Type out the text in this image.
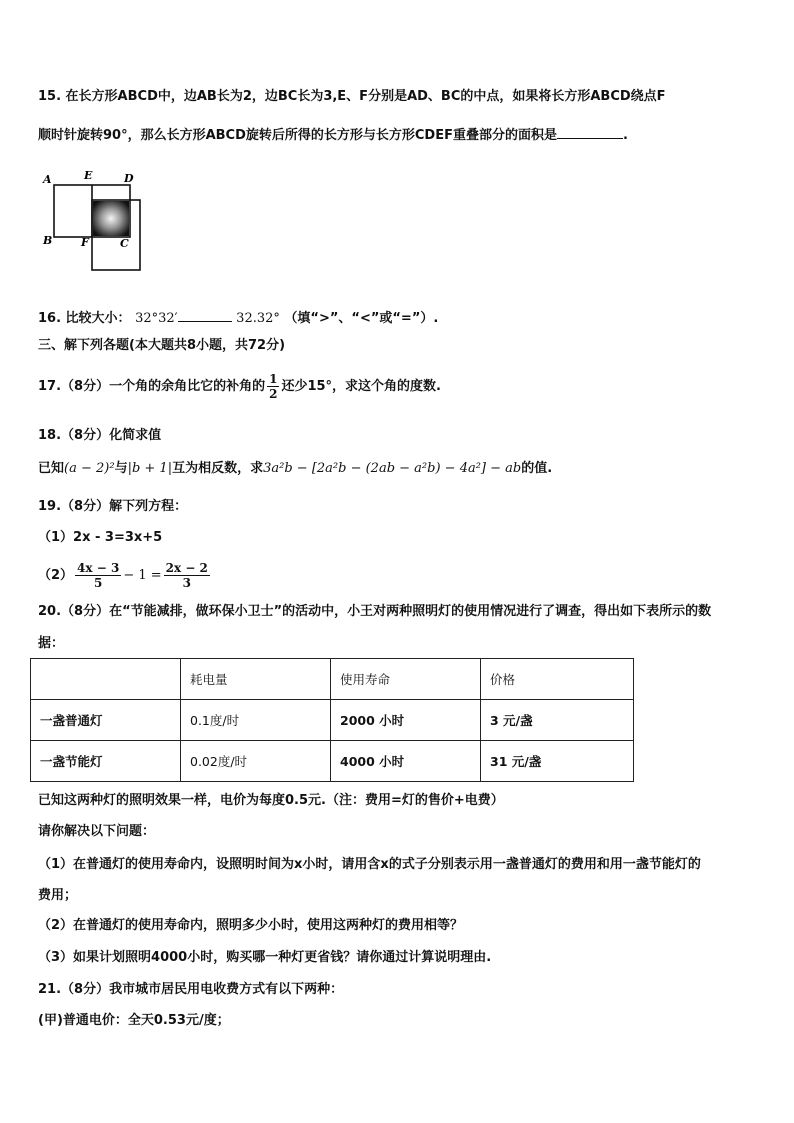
15. 在长方形ABCD中，边AB长为2，边BC长为3,E、F分别是AD、BC的中点，如果将长方形ABCD绕点F
顺时针旋转90°，那么长方形ABCD旋转后所得的长方形与长方形CDEF重叠部分的面积是	.
A	E	D
B	F	C
16. 比较大小： 32°32′	32.32° （填“>”、“<”或“=”）.
三、解下列各题(本大题共8小题，共72分)
17.（8分）一个角的余角比它的补角的 $\frac{1}{2}$ 还少15°，求这个角的度数.
18.（8分）化简求值
已知(a − 2)²与|b + 1|互为相反数，求3a²b − [2a²b − (2ab − a²b) − 4a²] − ab的值.
19.（8分）解下列方程：
（1）2x - 3=3x+5
$(2) \frac{4x - 3}{5} - 1 = \frac{2x - 2}{3}$
20.（8分）在“节能减排，做环保小卫士”的活动中，小王对两种照明灯的使用情况进行了调查，得出如下表所示的数
据：
	耗电量	使用寿命	价格
一盏普通灯	0.1度/时	2000 小时	3 元/盏
一盏节能灯	0.02度/时	4000 小时	31 元/盏
已知这两种灯的照明效果一样，电价为每度0.5元.（注：费用=灯的售价+电费）
请你解决以下问题：
（1）在普通灯的使用寿命内，设照明时间为x小时，请用含x的式子分别表示用一盏普通灯的费用和用一盏节能灯的
费用；
（2）在普通灯的使用寿命内，照明多少小时，使用这两种灯的费用相等？
（3）如果计划照明4000小时，购买哪一种灯更省钱？请你通过计算说明理由.
21.（8分）我市城市居民用电收费方式有以下两种：
(甲)普通电价：全天0.53元/度；
